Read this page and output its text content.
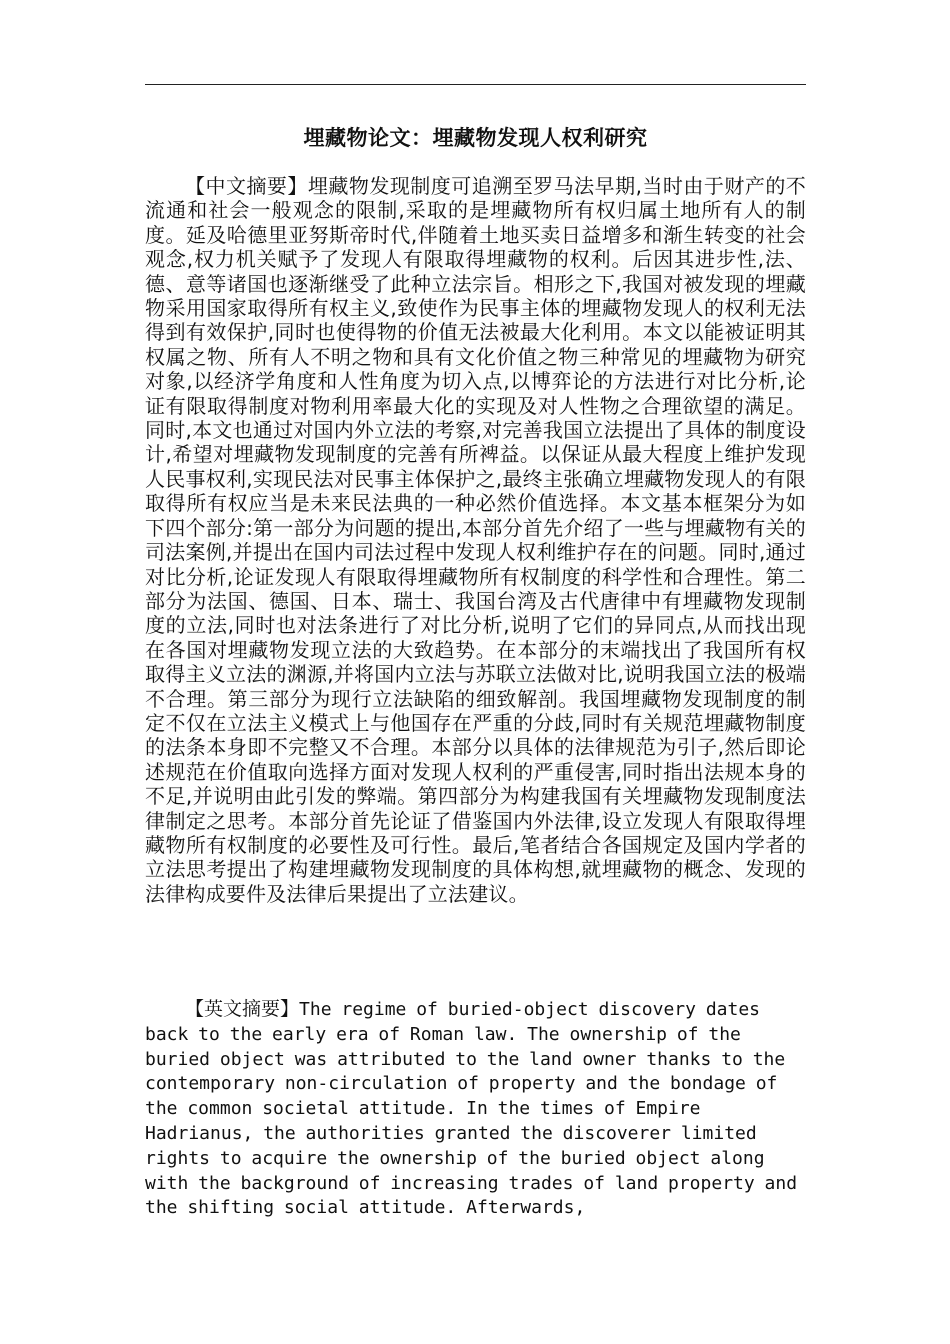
埋藏物论文：埋藏物发现人权利研究

【中文摘要】埋藏物发现制度可追溯至罗马法早期,当时由于财产的不流通和社会一般观念的限制,采取的是埋藏物所有权归属土地所有人的制度。延及哈德里亚努斯帝时代,伴随着土地买卖日益增多和渐生转变的社会观念,权力机关赋予了发现人有限取得埋藏物的权利。后因其进步性,法、德、意等诸国也逐渐继受了此种立法宗旨。相形之下,我国对被发现的埋藏物采用国家取得所有权主义,致使作为民事主体的埋藏物发现人的权利无法得到有效保护,同时也使得物的价值无法被最大化利用。本文以能被证明其权属之物、所有人不明之物和具有文化价值之物三种常见的埋藏物为研究对象,以经济学角度和人性角度为切入点,以博弈论的方法进行对比分析,论证有限取得制度对物利用率最大化的实现及对人性物之合理欲望的满足。同时,本文也通过对国内外立法的考察,对完善我国立法提出了具体的制度设计,希望对埋藏物发现制度的完善有所裨益。以保证从最大程度上维护发现人民事权利,实现民法对民事主体保护之,最终主张确立埋藏物发现人的有限取得所有权应当是未来民法典的一种必然价值选择。本文基本框架分为如下四个部分:第一部分为问题的提出,本部分首先介绍了一些与埋藏物有关的司法案例,并提出在国内司法过程中发现人权利维护存在的问题。同时,通过对比分析,论证发现人有限取得埋藏物所有权制度的科学性和合理性。第二部分为法国、德国、日本、瑞士、我国台湾及古代唐律中有埋藏物发现制度的立法,同时也对法条进行了对比分析,说明了它们的异同点,从而找出现在各国对埋藏物发现立法的大致趋势。在本部分的末端找出了我国所有权取得主义立法的渊源,并将国内立法与苏联立法做对比,说明我国立法的极端不合理。第三部分为现行立法缺陷的细致解剖。我国埋藏物发现制度的制定不仅在立法主义模式上与他国存在严重的分歧,同时有关规范埋藏物制度的法条本身即不完整又不合理。本部分以具体的法律规范为引子,然后即论述规范在价值取向选择方面对发现人权利的严重侵害,同时指出法规本身的不足,并说明由此引发的弊端。第四部分为构建我国有关埋藏物发现制度法律制定之思考。本部分首先论证了借鉴国内外法律,设立发现人有限取得埋藏物所有权制度的必要性及可行性。最后,笔者结合各国规定及国内学者的立法思考提出了构建埋藏物发现制度的具体构想,就埋藏物的概念、发现的法律构成要件及法律后果提出了立法建议。

【英文摘要】The regime of buried-object discovery dates back to the early era of Roman law. The ownership of the buried object was attributed to the land owner thanks to the contemporary non-circulation of property and the bondage of the common societal attitude. In the times of Empire Hadrianus, the authorities granted the discoverer limited rights to acquire the ownership of the buried object along with the background of increasing trades of land property and the shifting social attitude. Afterwards,
